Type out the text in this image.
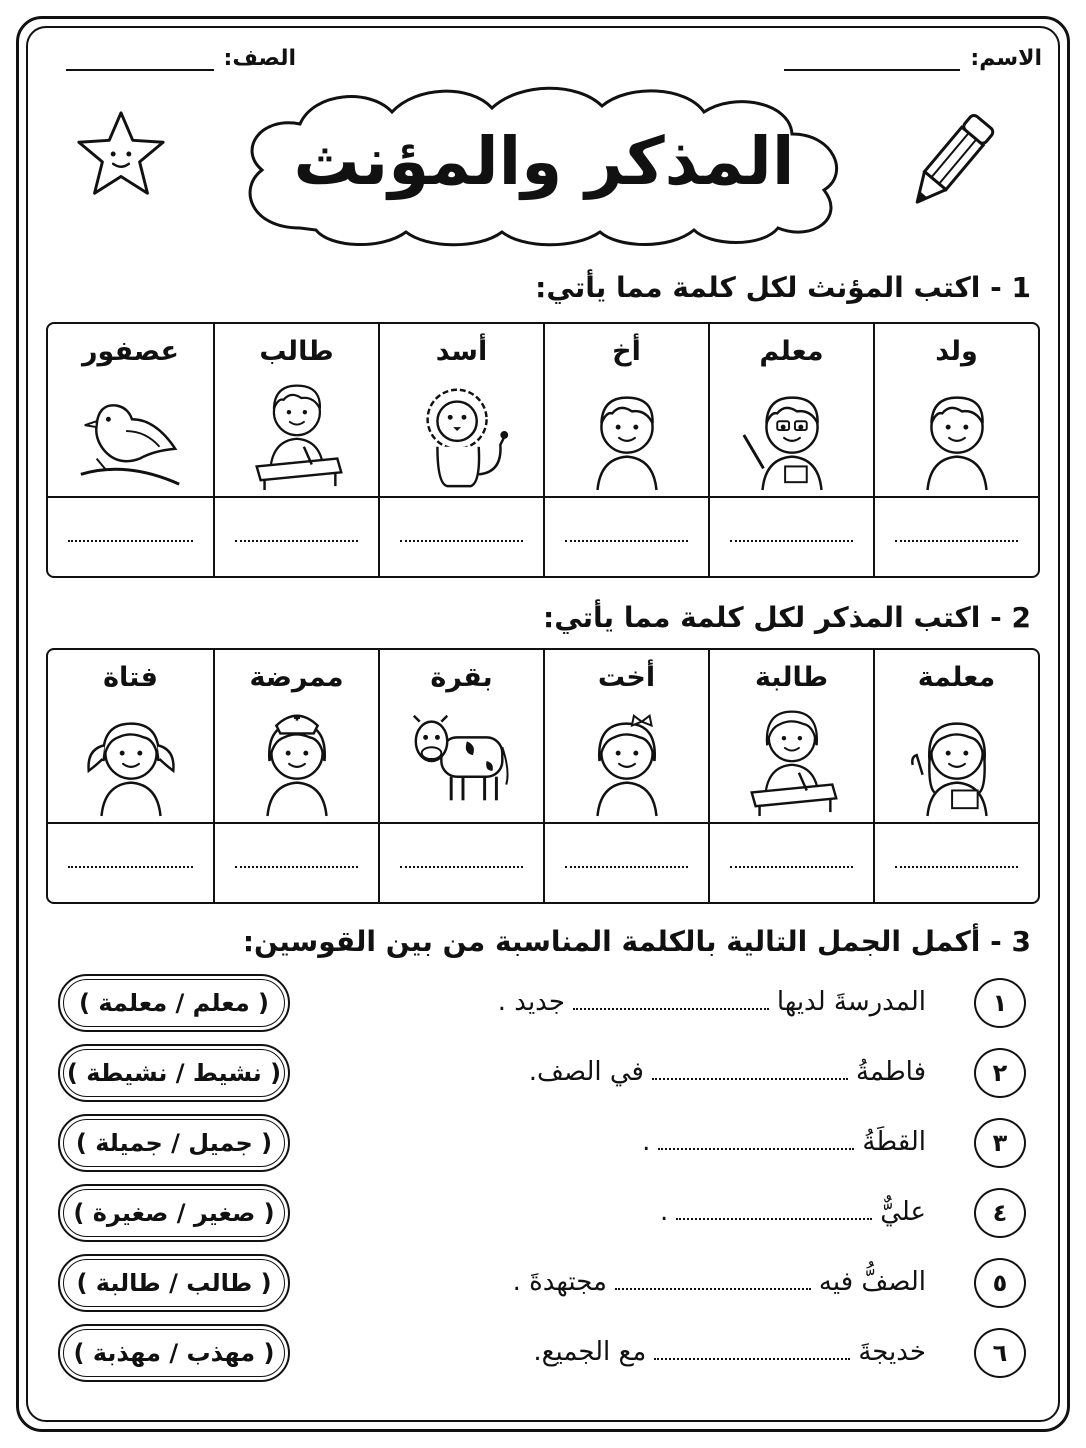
الاسم:
الصف:
المذكر والمؤنث
1 - اكتب المؤنث لكل كلمة مما يأتي:
ولد
معلم
أخ
أسد
طالب
عصفور
2 - اكتب المذكر لكل كلمة مما يأتي:
معلمة
طالبة
أخت
بقرة
ممرضة
فتاة
3 - أكمل الجمل التالية بالكلمة المناسبة من بين القوسين:
١
المدرسةَ لديهاجديد .
( معلم / معلمة )
٢
فاطمةُفي الصف.
( نشيط / نشيطة )
٣
القطَةُ.
( جميل / جميلة )
٤
عليٌّ.
( صغير / صغيرة )
٥
الصفُّ فيهمجتهدةَ .
( طالب / طالبة )
٦
خديجةَمع الجميع.
( مهذب / مهذبة )
